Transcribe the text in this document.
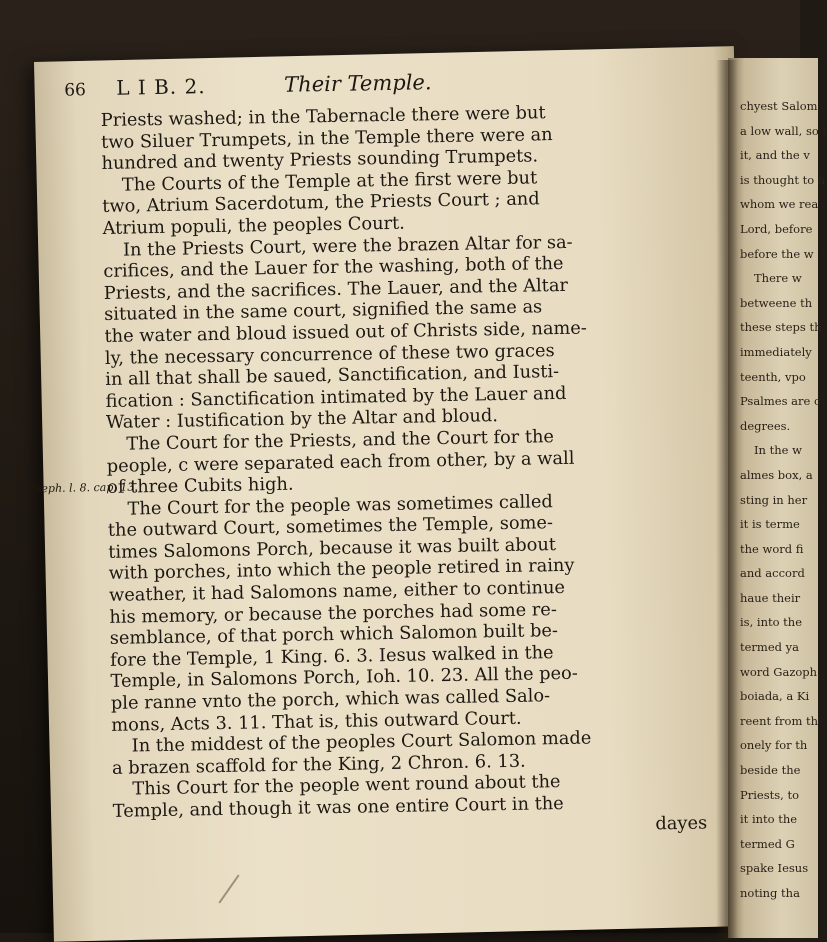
66	L I B. 2.	Their Temple.
Priests washed; in the Tabernacle there were but
two Siluer Trumpets, in the Temple there were an
hundred and twenty Priests sounding Trumpets.
The Courts of the Temple at the first were but
two, Atrium Sacerdotum, the Priests Court ; and
Atrium populi, the peoples Court.
In the Priests Court, were the brazen Altar for sa-
crifices, and the Lauer for the washing, both of the
Priests, and the sacrifices. The Lauer, and the Altar
situated in the same court, signified the same as
the water and bloud issued out of Christs side, name-
ly, the necessary concurrence of these two graces
in all that shall be saued, Sanctification, and Iusti-
fication : Sanctification intimated by the Lauer and
Water : Iustification by the Altar and bloud.
The Court for the Priests, and the Court for the
people, c were separated each from other, by a wall
c Ioseph. l. 8. cap. 13.
of three Cubits high.
The Court for the people was sometimes called
the outward Court, sometimes the Temple, some-
times Salomons Porch, because it was built about
with porches, into which the people retired in rainy
weather, it had Salomons name, either to continue
his memory, or because the porches had some re-
semblance, of that porch which Salomon built be-
fore the Temple, 1 King. 6. 3. Iesus walked in the
Temple, in Salomons Porch, Ioh. 10. 23. All the peo-
ple ranne vnto the porch, which was called Salo-
mons, Acts 3. 11. That is, this outward Court.
In the middest of the peoples Court Salomon made
a brazen scaffold for the King, 2 Chron. 6. 13.
This Court for the people went round about the
Temple, and though it was one entire Court in the
dayes
chyest Salom
a low wall, so t
it, and the v
is thought to h
whom we rea
Lord, before
before the w
There w
betweene th
these steps th
immediately
teenth, vpo
Psalmes are c
degrees.
In the w
almes box, a
sting in her
it is terme
the word fi
and accord
haue their
is, into the
termed ya
word Gazoph
boiada, a Ki
reent from th
onely for th
beside the
Priests, to
it into the
termed G
spake Iesus
noting tha
